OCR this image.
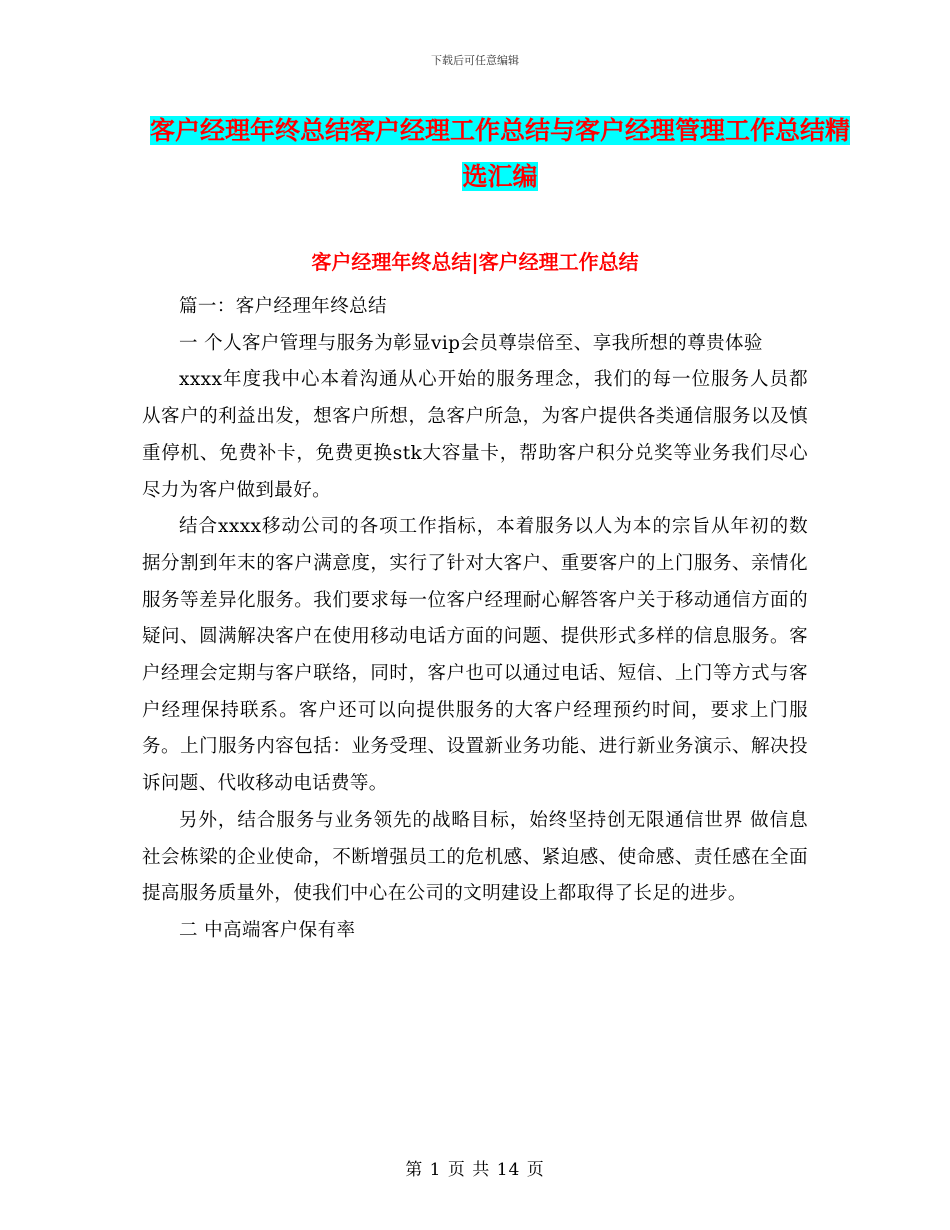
下载后可任意编辑
客户经理年终总结客户经理工作总结与客户经理管理工作总结精选汇编
客户经理年终总结|客户经理工作总结

篇一：客户经理年终总结

一 个人客户管理与服务为彰显vip会员尊崇倍至、享我所想的尊贵体验

xxxx年度我中心本着沟通从心开始的服务理念，我们的每一位服务人员都从客户的利益出发，想客户所想，急客户所急，为客户提供各类通信服务以及慎重停机、免费补卡，免费更换stk大容量卡，帮助客户积分兑奖等业务我们尽心尽力为客户做到最好。

结合xxxx移动公司的各项工作指标，本着服务以人为本的宗旨从年初的数据分割到年末的客户满意度，实行了针对大客户、重要客户的上门服务、亲情化服务等差异化服务。我们要求每一位客户经理耐心解答客户关于移动通信方面的疑问、圆满解决客户在使用移动电话方面的问题、提供形式多样的信息服务。客户经理会定期与客户联络，同时，客户也可以通过电话、短信、上门等方式与客户经理保持联系。客户还可以向提供服务的大客户经理预约时间，要求上门服务。上门服务内容包括：业务受理、设置新业务功能、进行新业务演示、解决投诉问题、代收移动电话费等。

另外，结合服务与业务领先的战略目标，始终坚持创无限通信世界 做信息社会栋梁的企业使命，不断增强员工的危机感、紧迫感、使命感、责任感在全面提高服务质量外，使我们中心在公司的文明建设上都取得了长足的进步。

二 中高端客户保有率

第 1 页 共 14 页
